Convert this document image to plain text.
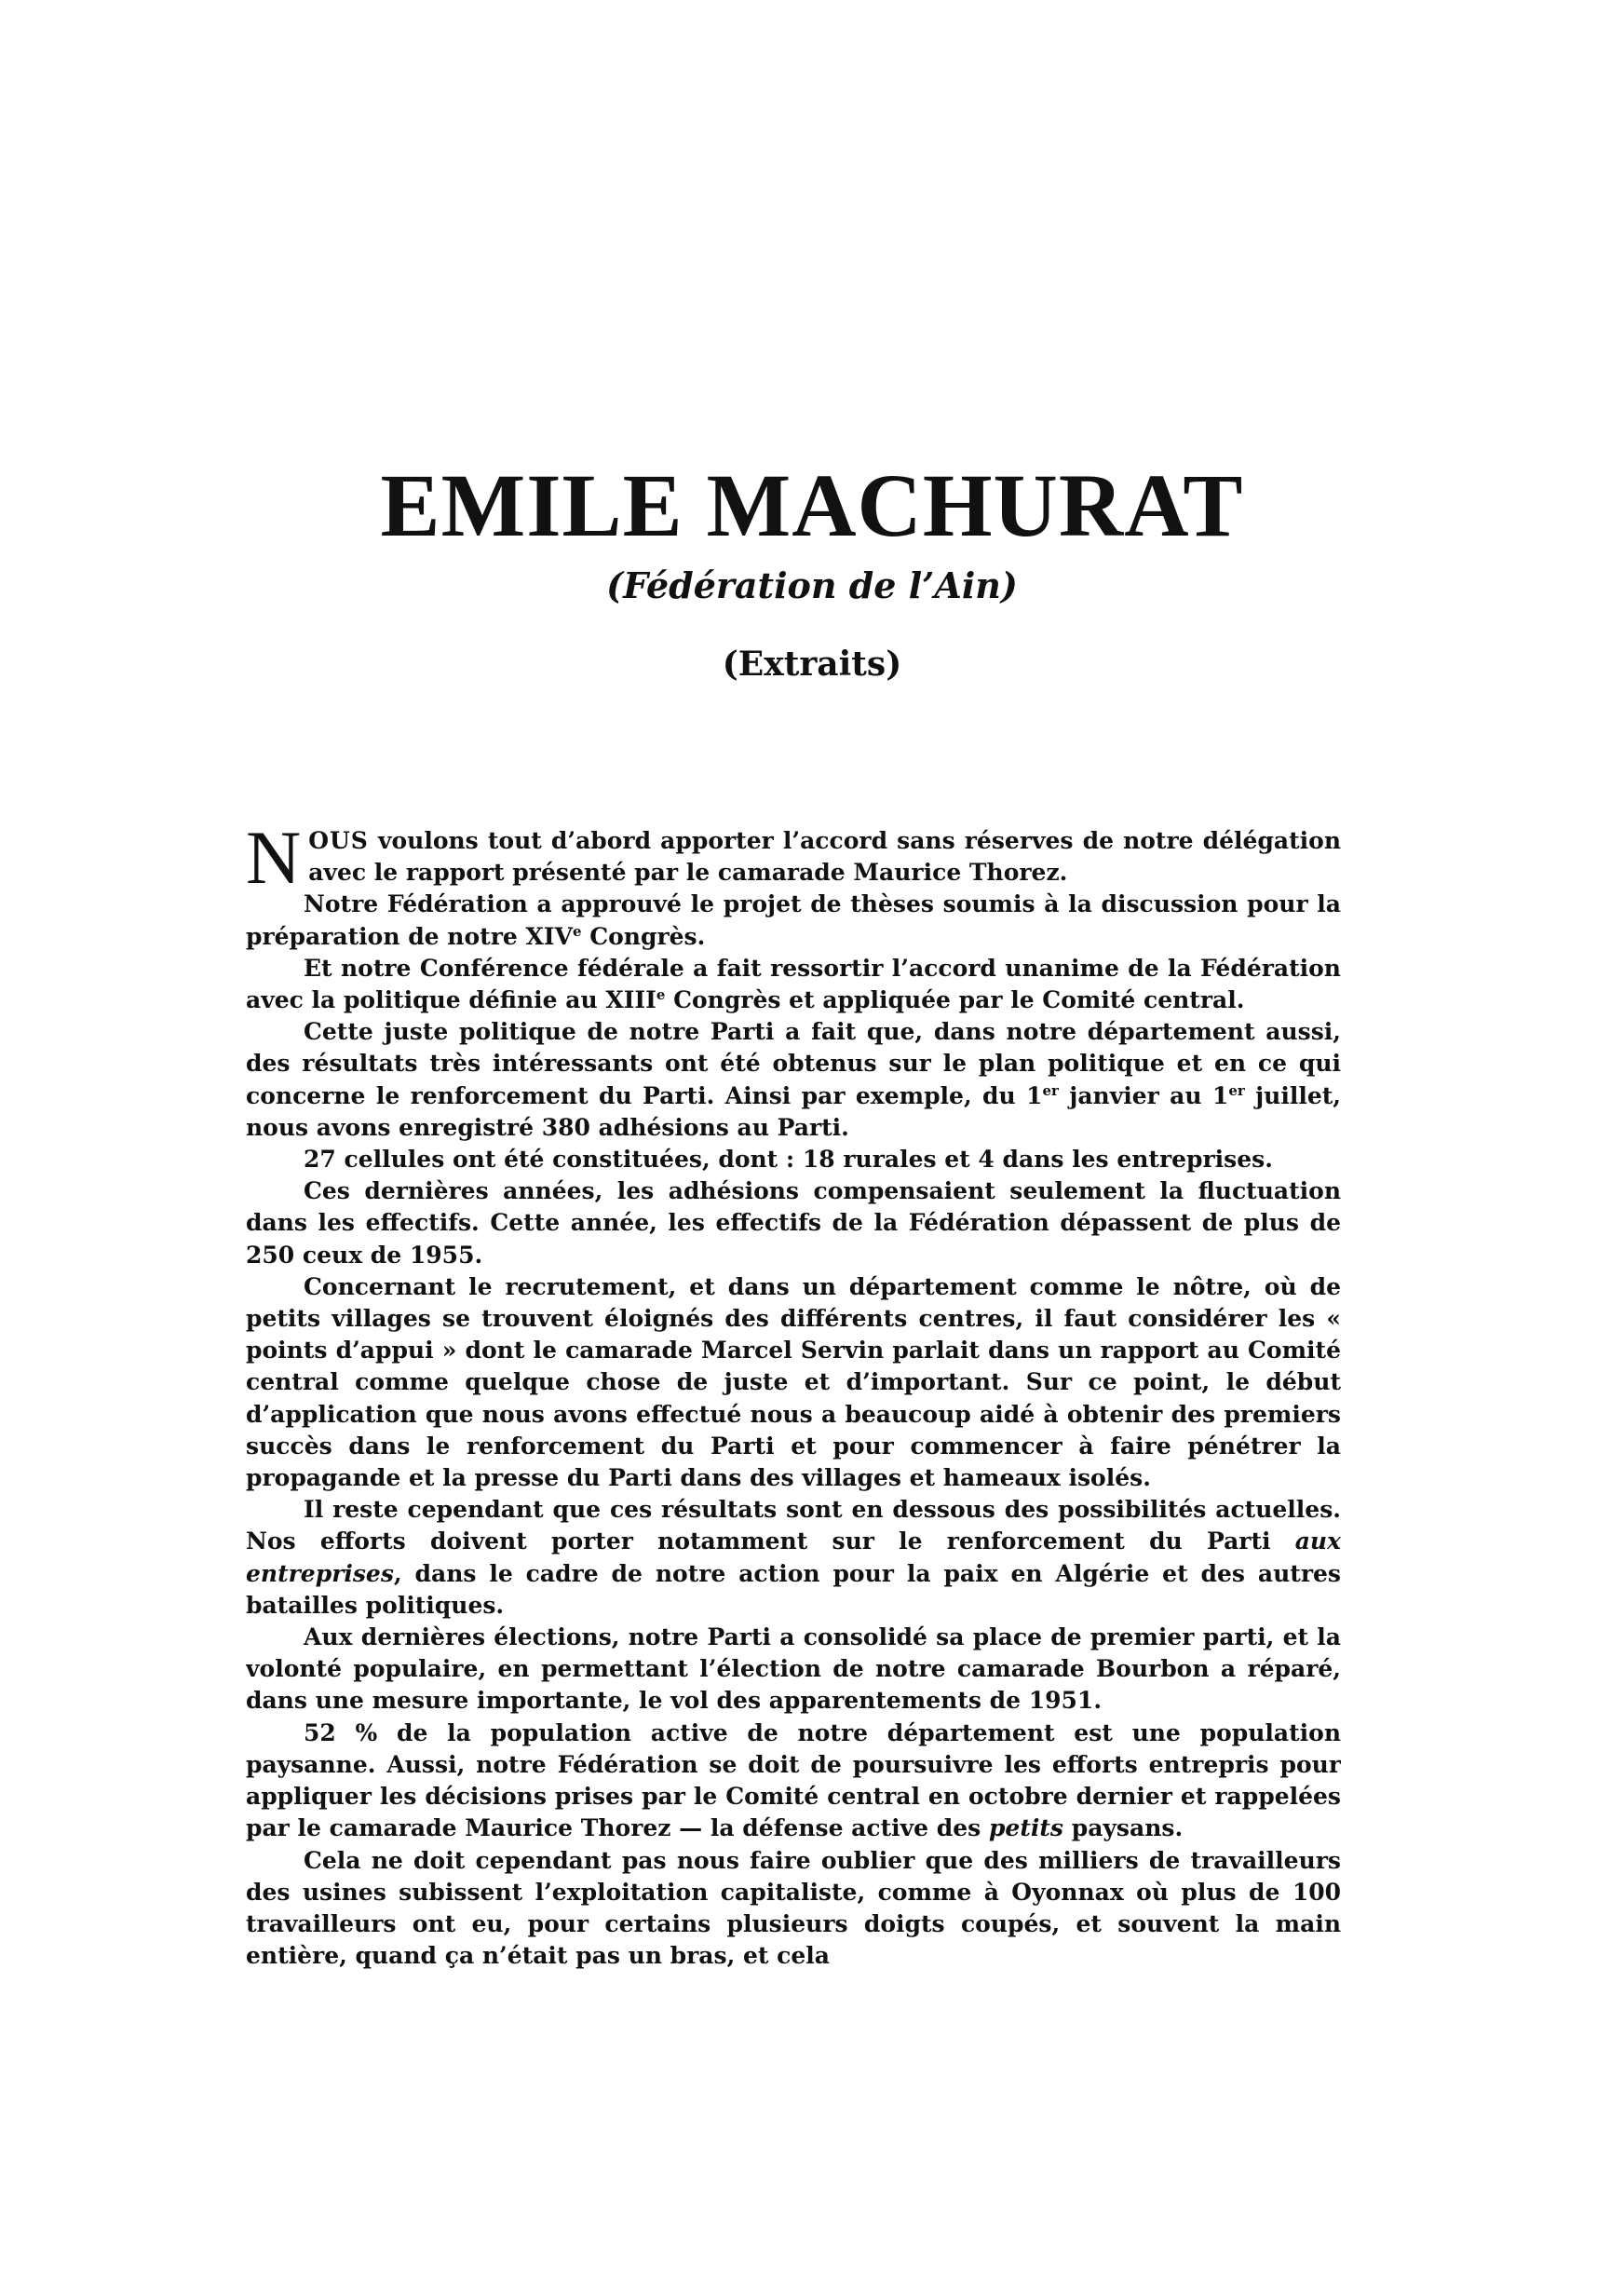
EMILE MACHURAT

(Fédération de l’Ain)

(Extraits)

NOUS voulons tout d’abord apporter l’accord sans réserves de notre délégation avec le rapport présenté par le camarade Maurice Thorez.

Notre Fédération a approuvé le projet de thèses soumis à la discussion pour la préparation de notre XIVe Congrès.

Et notre Conférence fédérale a fait ressortir l’accord unanime de la Fédération avec la politique définie au XIIIe Congrès et appliquée par le Comité central.

Cette juste politique de notre Parti a fait que, dans notre département aussi, des résultats très intéressants ont été obtenus sur le plan politique et en ce qui concerne le renforcement du Parti. Ainsi par exemple, du 1er janvier au 1er juillet, nous avons enregistré 380 adhésions au Parti.

27 cellules ont été constituées, dont : 18 rurales et 4 dans les entreprises.

Ces dernières années, les adhésions compensaient seulement la fluctuation dans les effectifs. Cette année, les effectifs de la Fédération dépassent de plus de 250 ceux de 1955.

Concernant le recrutement, et dans un département comme le nôtre, où de petits villages se trouvent éloignés des différents centres, il faut considérer les « points d’appui » dont le camarade Marcel Servin parlait dans un rapport au Comité central comme quelque chose de juste et d’important. Sur ce point, le début d’application que nous avons effectué nous a beaucoup aidé à obtenir des premiers succès dans le renforcement du Parti et pour commencer à faire pénétrer la propagande et la presse du Parti dans des villages et hameaux isolés.

Il reste cependant que ces résultats sont en dessous des possibilités actuelles. Nos efforts doivent porter notamment sur le renforcement du Parti aux entreprises, dans le cadre de notre action pour la paix en Algérie et des autres batailles politiques.

Aux dernières élections, notre Parti a consolidé sa place de premier parti, et la volonté populaire, en permettant l’élection de notre camarade Bourbon a réparé, dans une mesure importante, le vol des apparentements de 1951.

52 % de la population active de notre département est une population paysanne. Aussi, notre Fédération se doit de poursuivre les efforts entrepris pour appliquer les décisions prises par le Comité central en octobre dernier et rappelées par le camarade Maurice Thorez — la défense active des petits paysans.

Cela ne doit cependant pas nous faire oublier que des milliers de travailleurs des usines subissent l’exploitation capitaliste, comme à Oyonnax où plus de 100 travailleurs ont eu, pour certains plusieurs doigts coupés, et souvent la main entière, quand ça n’était pas un bras, et cela
